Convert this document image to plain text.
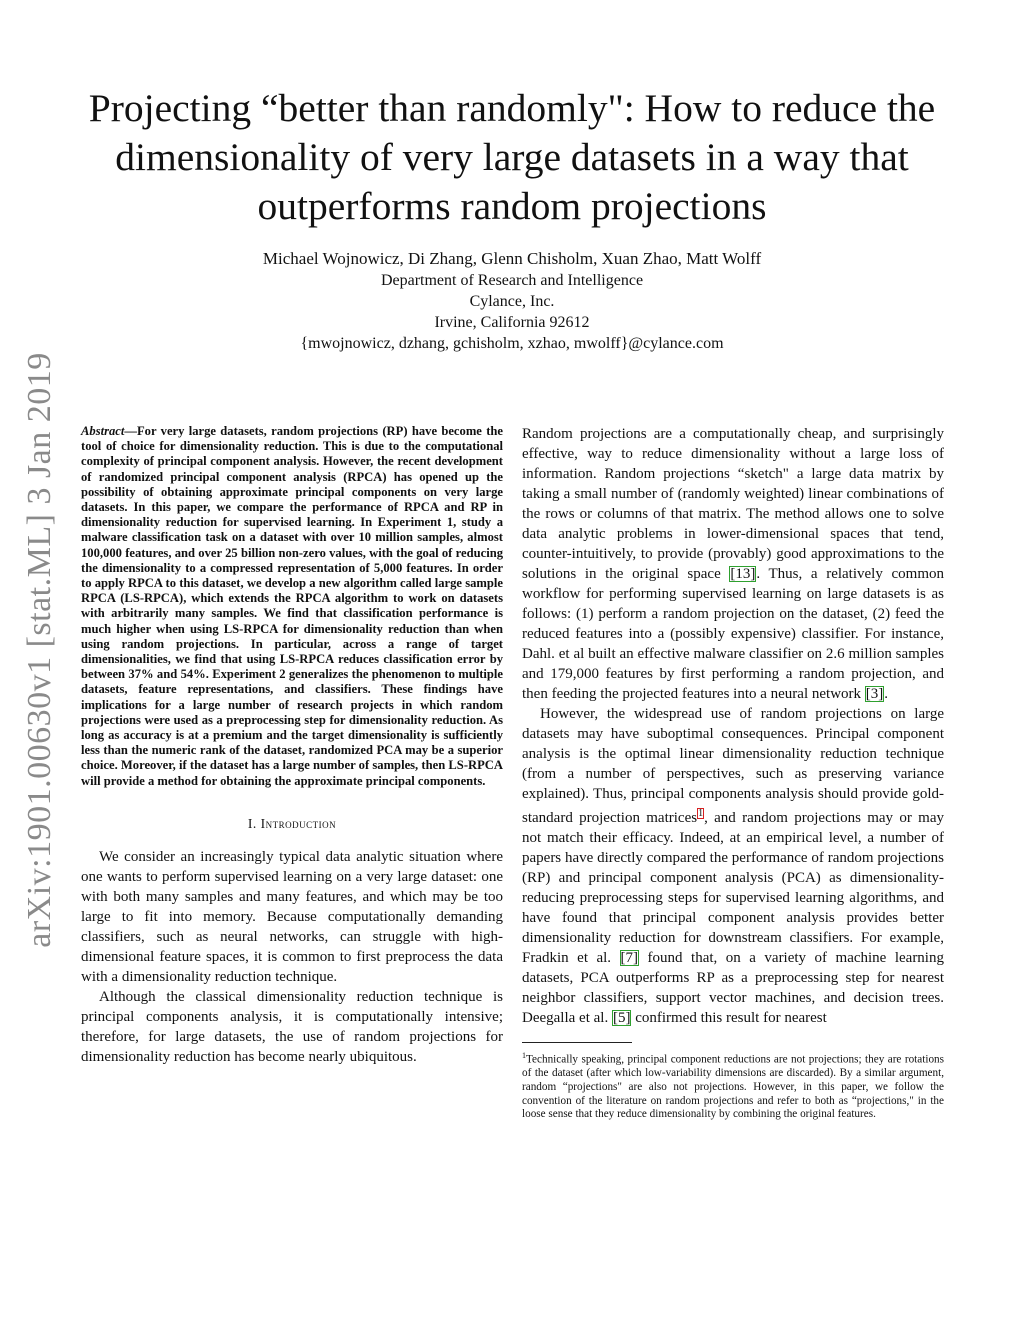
arXiv:1901.00630v1 [stat.ML] 3 Jan 2019
Projecting “better than randomly": How to reduce the dimensionality of very large datasets in a way that outperforms random projections
Michael Wojnowicz, Di Zhang, Glenn Chisholm, Xuan Zhao, Matt Wolff
Department of Research and Intelligence
Cylance, Inc.
Irvine, California 92612
{mwojnowicz, dzhang, gchisholm, xzhao, mwolff}@cylance.com

Abstract—For very large datasets, random projections (RP) have become the tool of choice for dimensionality reduction. This is due to the computational complexity of principal component analysis. However, the recent development of randomized principal component analysis (RPCA) has opened up the possibility of obtaining approximate principal components on very large datasets. In this paper, we compare the performance of RPCA and RP in dimensionality reduction for supervised learning. In Experiment 1, study a malware classification task on a dataset with over 10 million samples, almost 100,000 features, and over 25 billion non-zero values, with the goal of reducing the dimensionality to a compressed representation of 5,000 features. In order to apply RPCA to this dataset, we develop a new algorithm called large sample RPCA (LS-RPCA), which extends the RPCA algorithm to work on datasets with arbitrarily many samples. We find that classification performance is much higher when using LS-RPCA for dimensionality reduction than when using random projections. In particular, across a range of target dimensionalities, we find that using LS-RPCA reduces classification error by between 37% and 54%. Experiment 2 generalizes the phenomenon to multiple datasets, feature representations, and classifiers. These findings have implications for a large number of research projects in which random projections were used as a preprocessing step for dimensionality reduction. As long as accuracy is at a premium and the target dimensionality is sufficiently less than the numeric rank of the dataset, randomized PCA may be a superior choice. Moreover, if the dataset has a large number of samples, then LS-RPCA will provide a method for obtaining the approximate principal components.

I. Introduction

We consider an increasingly typical data analytic situation where one wants to perform supervised learning on a very large dataset: one with both many samples and many features, and which may be too large to fit into memory. Because computationally demanding classifiers, such as neural networks, can struggle with high-dimensional feature spaces, it is common to first preprocess the data with a dimensionality reduction technique.

Although the classical dimensionality reduction technique is principal components analysis, it is computationally intensive; therefore, for large datasets, the use of random projections for dimensionality reduction has become nearly ubiquitous.

Random projections are a computationally cheap, and surprisingly effective, way to reduce dimensionality without a large loss of information. Random projections “sketch" a large data matrix by taking a small number of (randomly weighted) linear combinations of the rows or columns of that matrix. The method allows one to solve data analytic problems in lower-dimensional spaces that tend, counter-intuitively, to provide (provably) good approximations to the solutions in the original space [13]. Thus, a relatively common workflow for performing supervised learning on large datasets is as follows: (1) perform a random projection on the dataset, (2) feed the reduced features into a (possibly expensive) classifier. For instance, Dahl. et al built an effective malware classifier on 2.6 million samples and 179,000 features by first performing a random projection, and then feeding the projected features into a neural network [3].

However, the widespread use of random projections on large datasets may have suboptimal consequences. Principal component analysis is the optimal linear dimensionality reduction technique (from a number of perspectives, such as preserving variance explained). Thus, principal components analysis should provide gold-standard projection matrices$^1$, and random projections may or may not match their efficacy. Indeed, at an empirical level, a number of papers have directly compared the performance of random projections (RP) and principal component analysis (PCA) as dimensionality-reducing preprocessing steps for supervised learning algorithms, and have found that principal component analysis provides better dimensionality reduction for downstream classifiers. For example, Fradkin et al. [7] found that, on a variety of machine learning datasets, PCA outperforms RP as a preprocessing step for nearest neighbor classifiers, support vector machines, and decision trees. Deegalla et al. [5] confirmed this result for nearest

$^1$Technically speaking, principal component reductions are not projections; they are rotations of the dataset (after which low-variability dimensions are discarded). By a similar argument, random “projections" are also not projections. However, in this paper, we follow the convention of the literature on random projections and refer to both as “projections," in the loose sense that they reduce dimensionality by combining the original features.
